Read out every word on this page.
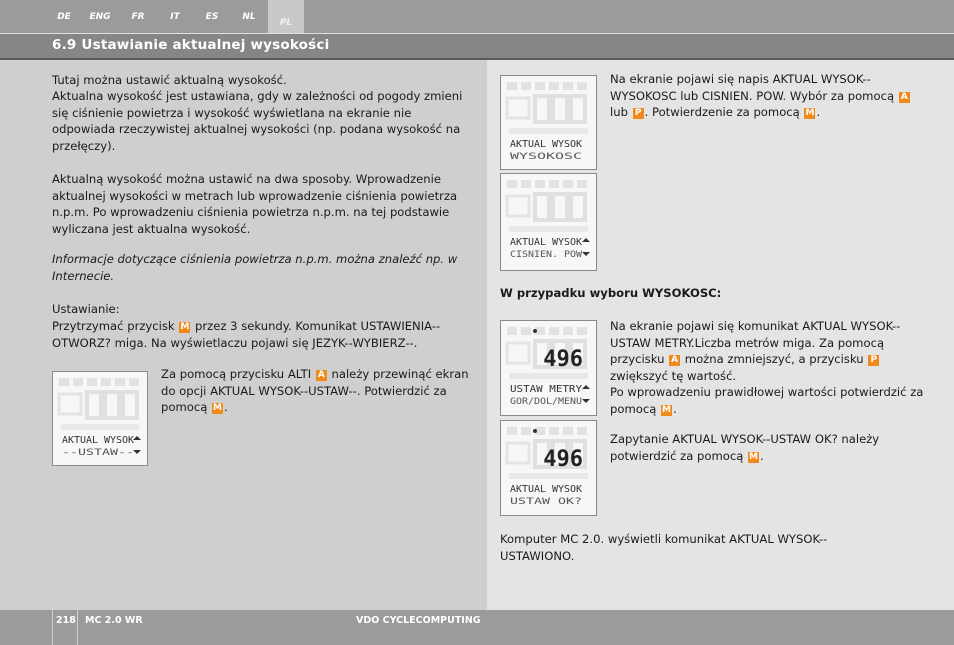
DE	ENG	FR	IT	ES	NL
PL
6.9 Ustawianie aktualnej wysokości

Tutaj można ustawić aktualną wysokość.

Aktualna wysokość jest ustawiana, gdy w zależności od pogody zmieni się ciśnienie powietrza i wysokość wyświetlana na ekranie nie odpowiada rzeczywistej aktualnej wysokości (np. podana wysokość na przełęczy).

Aktualną wysokość można ustawić na dwa sposoby. Wprowadzenie aktualnej wysokości w metrach lub wprowadzenie ciśnienia powietrza n.p.m. Po wprowadzeniu ciśnienia powietrza n.p.m. na tej podstawie wyliczana jest aktualna wysokość.

Informacje dotyczące ciśnienia powietrza n.p.m. można znaleźć np. w Internecie.

Ustawianie:

Przytrzymać przycisk M przez 3 sekundy. Komunikat USTAWIENIA-- OTWORZ? miga. Na wyświetlaczu pojawi się JEZYK--WYBIERZ--.

AKTUAL WYSOK
--USTAW--

Za pomocą przycisku ALTI A należy przewinąć ekran do opcji AKTUAL WYSOK--USTAW--. Potwierdzić za pomocą M .

AKTUAL WYSOK
WYSOKOSC
AKTUAL WYSOK
CISNIEN. POW

Na ekranie pojawi się napis AKTUAL WYSOK-- WYSOKOSC lub CISNIEN. POW. Wybór za pomocą A lub P . Potwierdzenie za pomocą M .

W przypadku wyboru WYSOKOSC:

496
USTAW METRY
GOR/DOL/MENU
496
AKTUAL WYSOK
USTAW OK?

Na ekranie pojawi się komunikat AKTUAL WYSOK-- USTAW METRY.Liczba metrów miga. Za pomocą przycisku A można zmniejszyć, a przycisku P zwiększyć tę wartość.
Po wprowadzeniu prawidłowej wartości potwierdzić za pomocą M .

Zapytanie AKTUAL WYSOK--USTAW OK? należy potwierdzić za pomocą M .

Komputer MC 2.0. wyświetli komunikat AKTUAL WYSOK-- USTAWIONO.

218 MC 2.0 WR	VDO CYCLECOMPUTING
